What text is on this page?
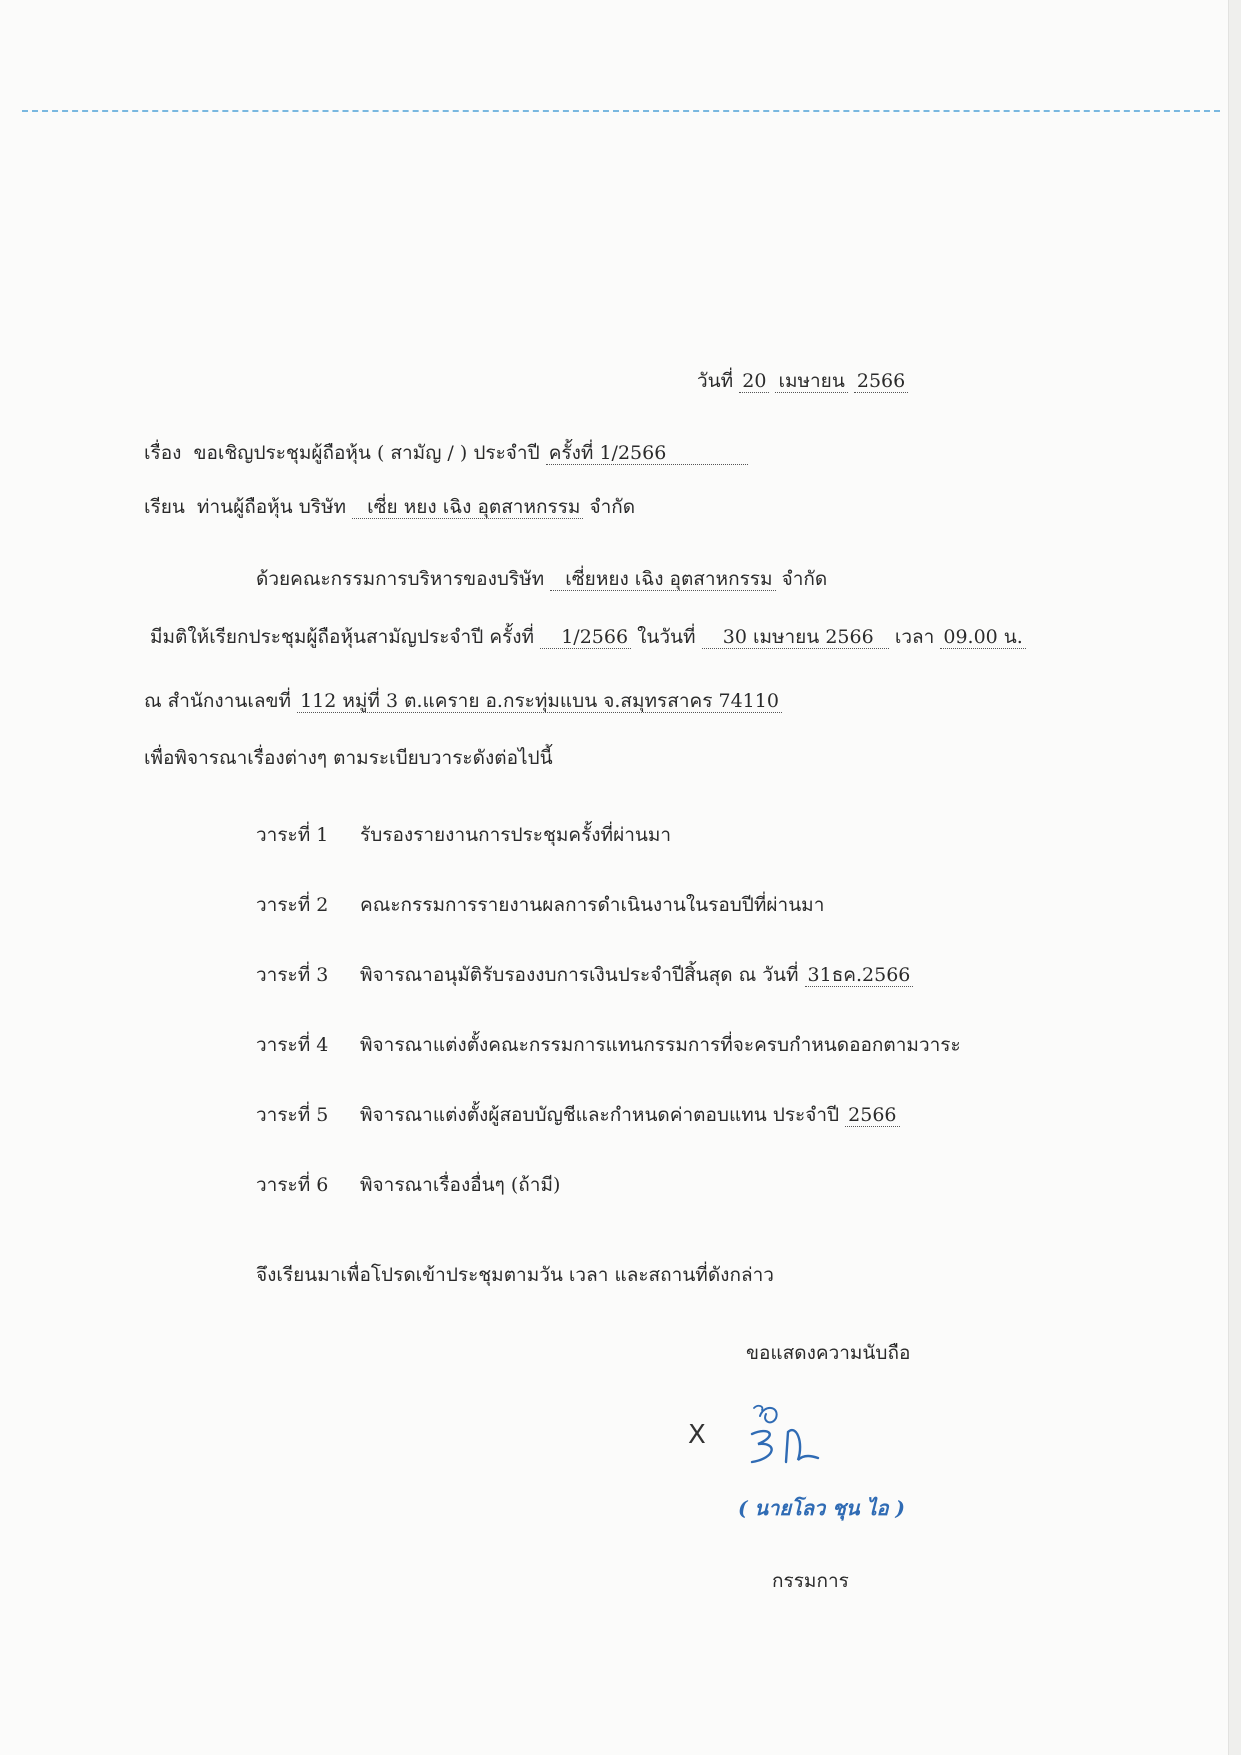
วันที่ 20 เมษายน 2566
เรื่อง ขอเชิญประชุมผู้ถือหุ้น ( สามัญ / ) ประจำปี ครั้งที่ 1/2566
เรียน ท่านผู้ถือหุ้น บริษัท เซี่ย หยง เฉิง อุตสาหกรรม จำกัด
ด้วยคณะกรรมการบริหารของบริษัท เซี่ยหยง เฉิง อุตสาหกรรม จำกัด
มีมติให้เรียกประชุมผู้ถือหุ้นสามัญประจำปี ครั้งที่ 1/2566 ในวันที่ 30 เมษายน 2566 เวลา 09.00 น.
ณ สำนักงานเลขที่ 112 หมู่ที่ 3 ต.แคราย อ.กระทุ่มแบน จ.สมุทรสาคร 74110
เพื่อพิจารณาเรื่องต่างๆ ตามระเบียบวาระดังต่อไปนี้
วาระที่ 1 รับรองรายงานการประชุมครั้งที่ผ่านมา
วาระที่ 2 คณะกรรมการรายงานผลการดำเนินงานในรอบปีที่ผ่านมา
วาระที่ 3 พิจารณาอนุมัติรับรองงบการเงินประจำปีสิ้นสุด ณ วันที่ 31ธค.2566
วาระที่ 4 พิจารณาแต่งตั้งคณะกรรมการแทนกรรมการที่จะครบกำหนดออกตามวาระ
วาระที่ 5 พิจารณาแต่งตั้งผู้สอบบัญชีและกำหนดค่าตอบแทน ประจำปี 2566
วาระที่ 6 พิจารณาเรื่องอื่นๆ (ถ้ามี)
จึงเรียนมาเพื่อโปรดเข้าประชุมตามวัน เวลา และสถานที่ดังกล่าว
ขอแสดงความนับถือ
X
( นายโลว ชุน ไอ )
กรรมการ
